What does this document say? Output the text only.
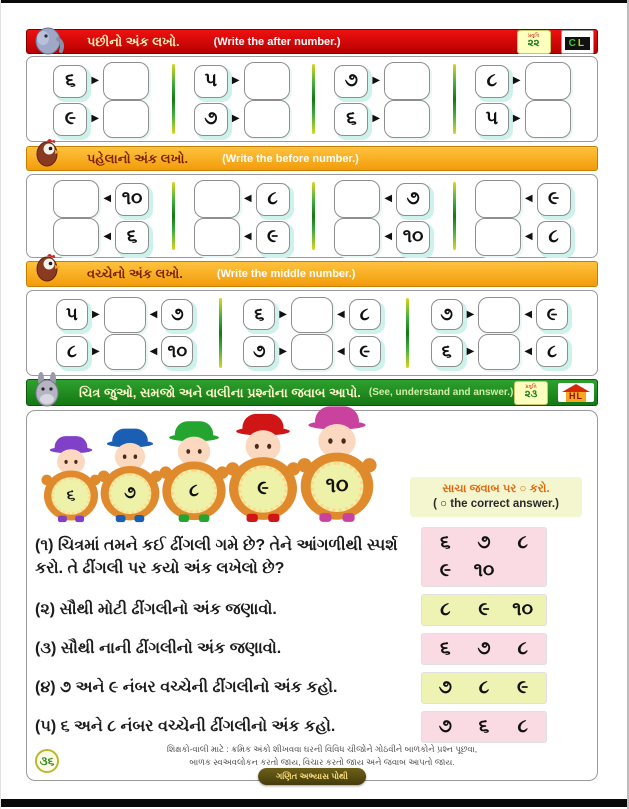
પછીનો અંક લખો.	(Write the after number.)	પ્રવૃત્તિ
૨૨	CL
૬	▶	૫	▶	૭	▶	૮	▶
૯	▶	૭	▶	૬	▶	૫	▶
પહેલાનો અંક લખો.	(Write the before number.)
◀ ૧૦	◀ ૮	◀ ૭	◀ ૯
◀ ૬	◀ ૯	◀ ૧૦	◀ ૮
વચ્ચેનો અંક લખો.	(Write the middle number.)
૫	▶	◀ ૭	૬	▶	◀ ૮	૭	▶	◀ ૯
૮	▶	◀ ૧૦	૭	▶	◀ ૯	૬	▶	◀ ૮
ચિત્ર જુઓ, સમજો અને વાલીના પ્રશ્નોના જવાબ આપો. (See, understand and answer.) પ્રવૃત્તિ
૨૩	HL
૬	૭	૮	૯	૧૦	સાચા જવાબ પર ○ કરો.
( ○ the correct answer.)
(૧) ચિત્રમાં તમને કઈ ઢીંગલી ગમે છે? તેને આંગળીથી સ્પર્શ કરો. તે ઢીંગલી પર કયો અંક લખેલો છે?
૬	૭	૮
૯	૧૦
(૨) સૌથી મોટી ઢીંગલીનો અંક જણાવો.	૮	૯	૧૦
(૩) સૌથી નાની ઢીંગલીનો અંક જણાવો.	૬	૭	૮
(૪) ૭ અને ૯ નંબર વચ્ચેની ઢીંગલીનો અંક કહો.	૭	૮	૯
(૫) ૬ અને ૮ નંબર વચ્ચેની ઢીંગલીનો અંક કહો.	૭	૬	૮
શિક્ષકો-વાલી માટે : ક્રમિક અંકો શીખવવા ઘરની વિવિધ ચીજોને ગોઠવીને બાળકોને પ્રશ્ન પૂછવા,
બાળક સ્વઅવલોકન કરતો જાય, વિચાર કરતો જાય અને જવાબ આપતો જાય.
૩૬
ગણિત અભ્યાસ પોથી
